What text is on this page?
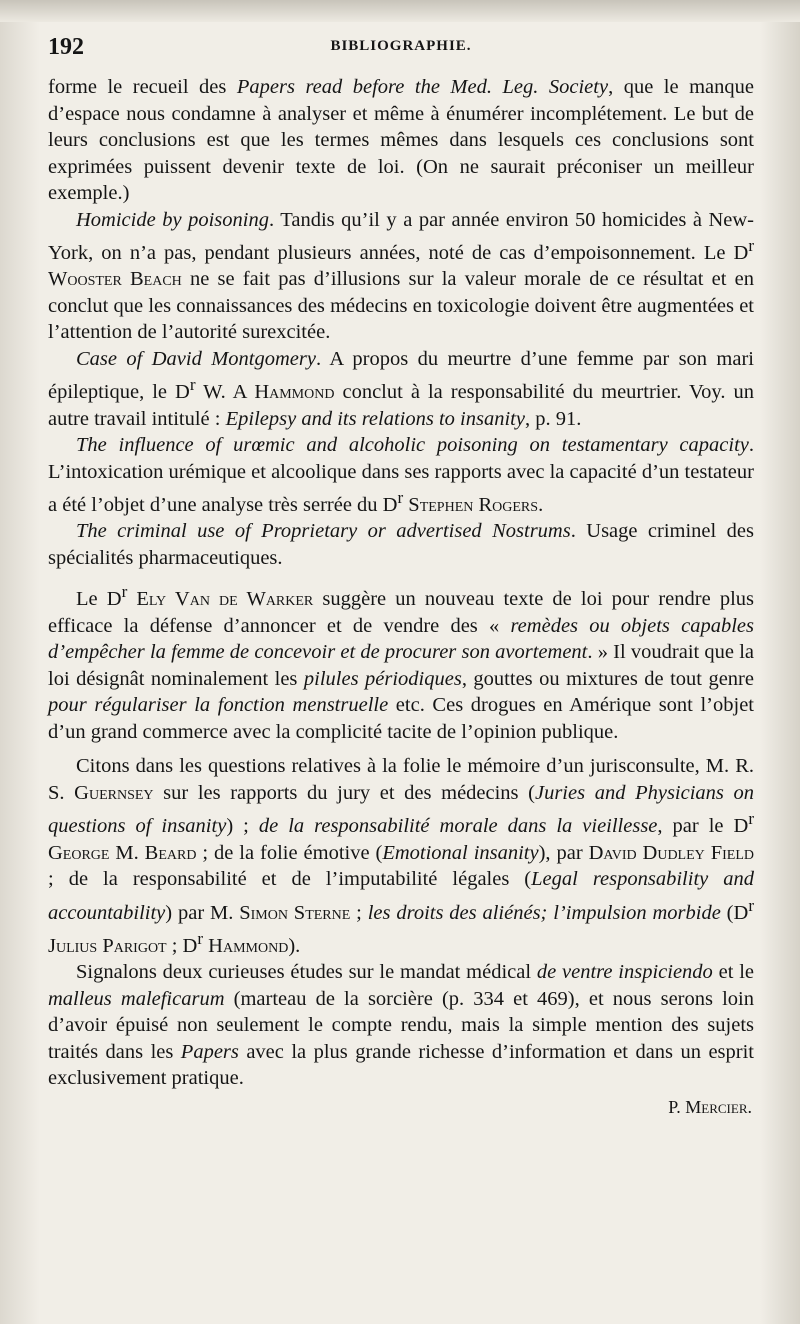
192	BIBLIOGRAPHIE.

forme le recueil des Papers read before the Med. Leg. Society, que le manque d’espace nous condamne à analyser et même à énumérer incomplétement. Le but de leurs conclusions est que les termes mêmes dans lesquels ces conclusions sont exprimées puissent devenir texte de loi. (On ne saurait préconiser un meilleur exemple.)

Homicide by poisoning. Tandis qu’il y a par année environ 50 homicides à New-York, on n’a pas, pendant plusieurs années, noté de cas d’empoisonnement. Le $D^r$ Wooster Beach ne se fait pas d’illusions sur la valeur morale de ce résultat et en conclut que les connaissances des médecins en toxicologie doivent être augmentées et l’attention de l’autorité surexcitée.

Case of David Montgomery. A propos du meurtre d’une femme par son mari épileptique, le $D^r$ W. A Hammond conclut à la responsabilité du meurtrier. Voy. un autre travail intitulé : Epilepsy and its relations to insanity, p. 91.

The influence of urœmic and alcoholic poisoning on testamentary capacity. L’intoxication urémique et alcoolique dans ses rapports avec la capacité d’un testateur a été l’objet d’une analyse très serrée du $D^r$ Stephen Rogers.

The criminal use of Proprietary or advertised Nostrums. Usage criminel des spécialités pharmaceutiques.

Le $D^r$ Ely Van de Warker suggère un nouveau texte de loi pour rendre plus efficace la défense d’annoncer et de vendre des « remèdes ou objets capables d’empêcher la femme de concevoir et de procurer son avortement. » Il voudrait que la loi désignât nominalement les pilules périodiques, gouttes ou mixtures de tout genre pour régulariser la fonction menstruelle etc. Ces drogues en Amérique sont l’objet d’un grand commerce avec la complicité tacite de l’opinion publique.

Citons dans les questions relatives à la folie le mémoire d’un jurisconsulte, M. R. S. Guernsey sur les rapports du jury et des médecins (Juries and Physicians on questions of insanity) ; de la responsabilité morale dans la vieillesse, par le $D^r$ George M. Beard ; de la folie émotive (Emotional insanity), par David Dudley Field ; de la responsabilité et de l’imputabilité légales (Legal responsability and accountability) par M. Simon Sterne ; les droits des aliénés; l’impulsion morbide ($D^r$ Julius Parigot ; $D^r$ Hammond).

Signalons deux curieuses études sur le mandat médical de ventre inspiciendo et le malleus maleficarum (marteau de la sorcière (p. 334 et 469), et nous serons loin d’avoir épuisé non seulement le compte rendu, mais la simple mention des sujets traités dans les Papers avec la plus grande richesse d’information et dans un esprit exclusivement pratique.

P. Mercier.
